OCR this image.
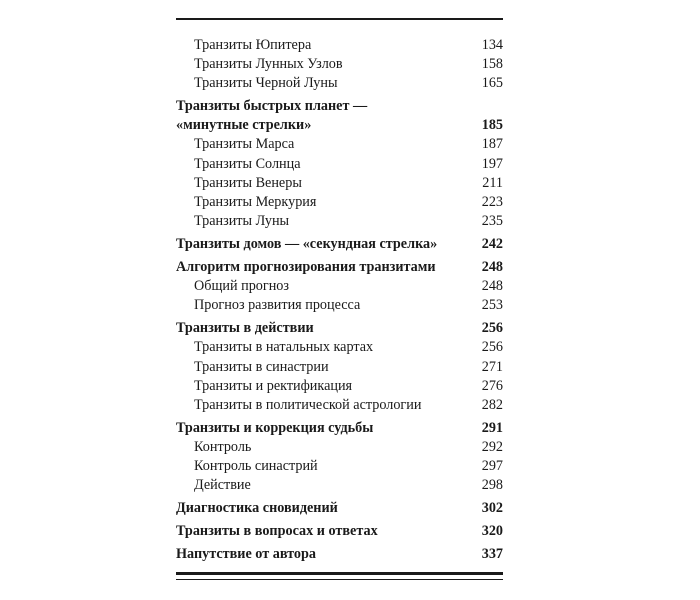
Транзиты Юпитера	134
Транзиты Лунных Узлов	158
Транзиты Черной Луны	165
Транзиты быстрых планет —
«минутные стрелки»	185
Транзиты Марса	187
Транзиты Солнца	197
Транзиты Венеры	211
Транзиты Меркурия	223
Транзиты Луны	235
Транзиты домов — «секундная стрелка»	242
Алгоритм прогнозирования транзитами	248
Общий прогноз	248
Прогноз развития процесса	253
Транзиты в действии	256
Транзиты в натальных картах	256
Транзиты в синастрии	271
Транзиты и ректификация	276
Транзиты в политической астрологии	282
Транзиты и коррекция судьбы	291
Контроль	292
Контроль синастрий	297
Действие	298
Диагностика сновидений	302
Транзиты в вопросах и ответах	320
Напутствие от автора	337
